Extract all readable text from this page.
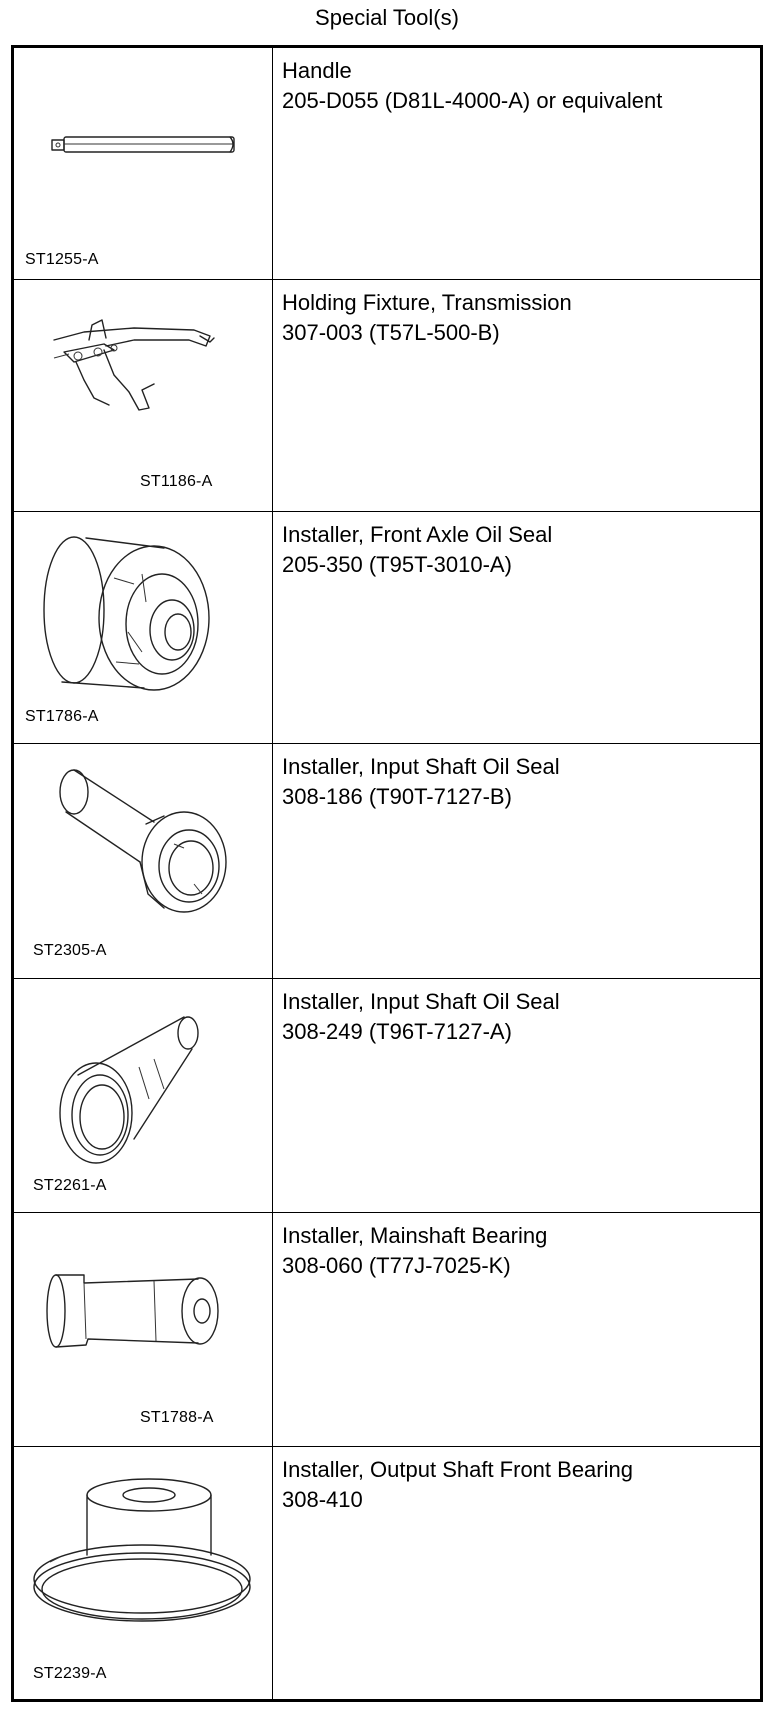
Special Tool(s)
ST1255-A
Handle
205-D055 (D81L-4000-A) or equivalent
ST1186-A
Holding Fixture, Transmission
307-003 (T57L-500-B)
ST1786-A
Installer, Front Axle Oil Seal
205-350 (T95T-3010-A)
ST2305-A
Installer, Input Shaft Oil Seal
308-186 (T90T-7127-B)
ST2261-A
Installer, Input Shaft Oil Seal
308-249 (T96T-7127-A)
ST1788-A
Installer, Mainshaft Bearing
308-060 (T77J-7025-K)
ST2239-A
Installer, Output Shaft Front Bearing
308-410
